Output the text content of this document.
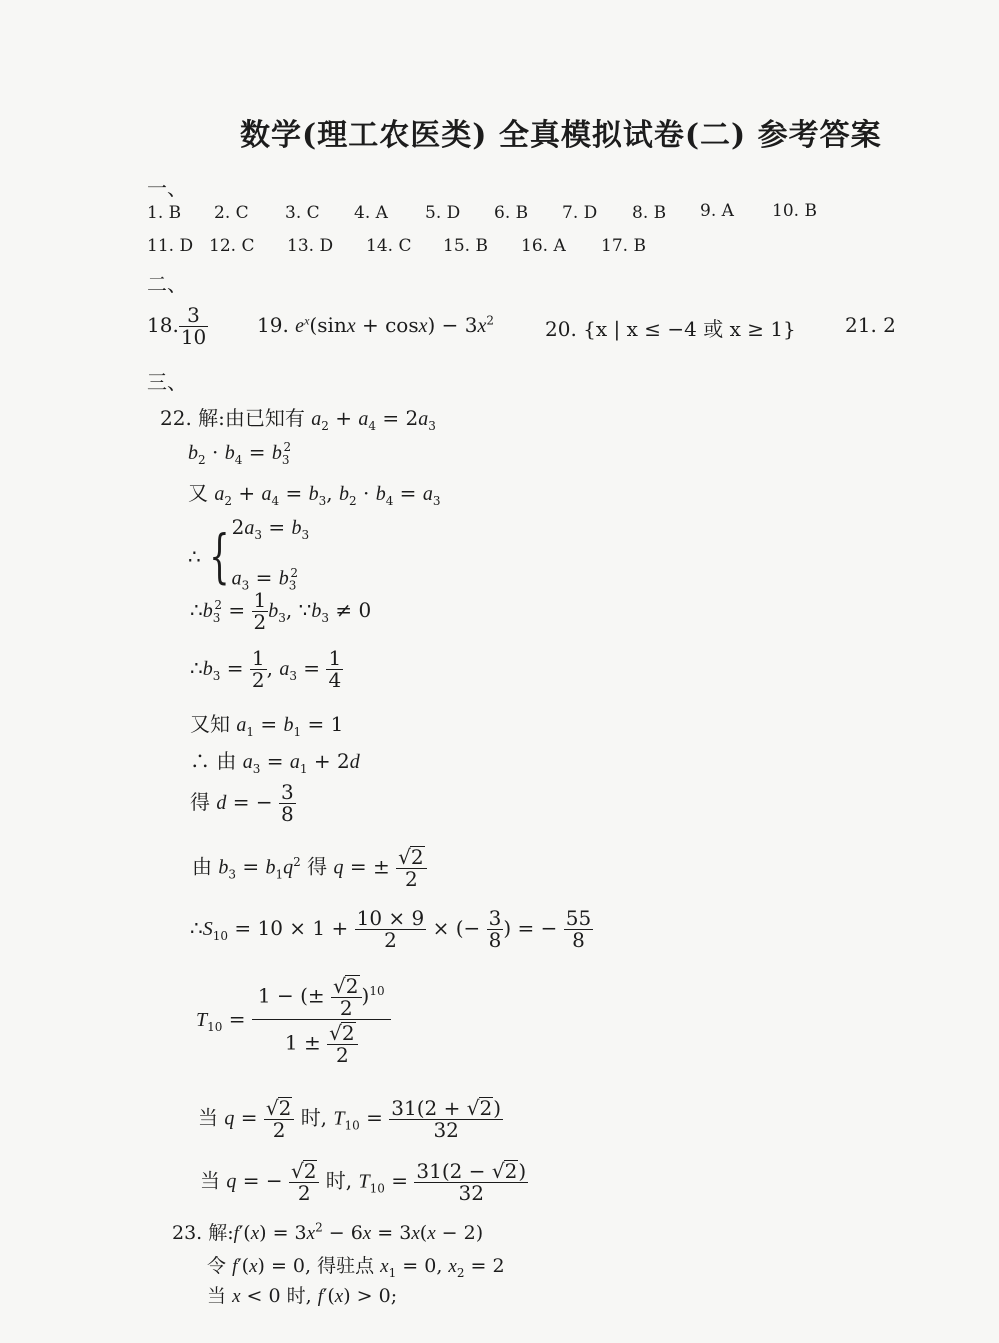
数学(理工农医类) 全真模拟试卷(二) 参考答案
一、
1. B 2. C 3. C 4. A 5. D 6. B 7. D 8. B 9. A 10. B
11. D 12. C 13. D 14. C 15. B 16. A 17. B
二、
18. $\frac{3}{10} 19$. $e^x(\sin x + \cos x) - 3x^2$	20. {x | x ≤ −4 或 x ≥ 1} 21. 2
三、
22. 解:由已知有 $a_2 + a_4 = 2a_3$
$b_2 \cdot b_4 = b_3^2$
又 $a_2 + a_4 = b_3$, $b_2 \cdot b_4 = a_3$
∴ { $2a_3 = b_3$
$a_3 = b_3^2$
$\therefore b_3^2 = \frac{1}{2} b_3$, $\because b_3 \ne 0$
$\therefore b_3 = \frac{1}{2}$ , $a_3 = \frac{1}{4}$
又知 $a_1 = b_1 = 1$
∴ 由 $a_3 = a_1 + 2d$
得 d = − $\frac{3}{8}$
由 $b_3 = b_1q^2$ 得 q = ± $\frac{√2}{2}$
$\therefore S_{10} = 10 \times 1 + \frac{10 \times 9}{2}$ × (− $\frac{3}{8}$ ) = − $\frac{55}{8}$
$T_{10} = \frac{1 - (\pm \frac{√2}{2} )^{10}}{1 \pm \frac{√2}{2}}$
当 $q = \frac{√2}{2}$ 时, $T_{10} = \frac{31(2 + √2)}{32}$
当 q = − $\frac{√2}{2}$ 时, $T_{10} = \frac{31(2 - √2)}{32}$
23. 解:f′(x) = $3x^2 - 6x = 3x(x - 2)$
令 f′(x) = 0, 得驻点 $x_1 = 0$, $x_2 = 2$
当 x < 0 时, f′(x) > 0;
